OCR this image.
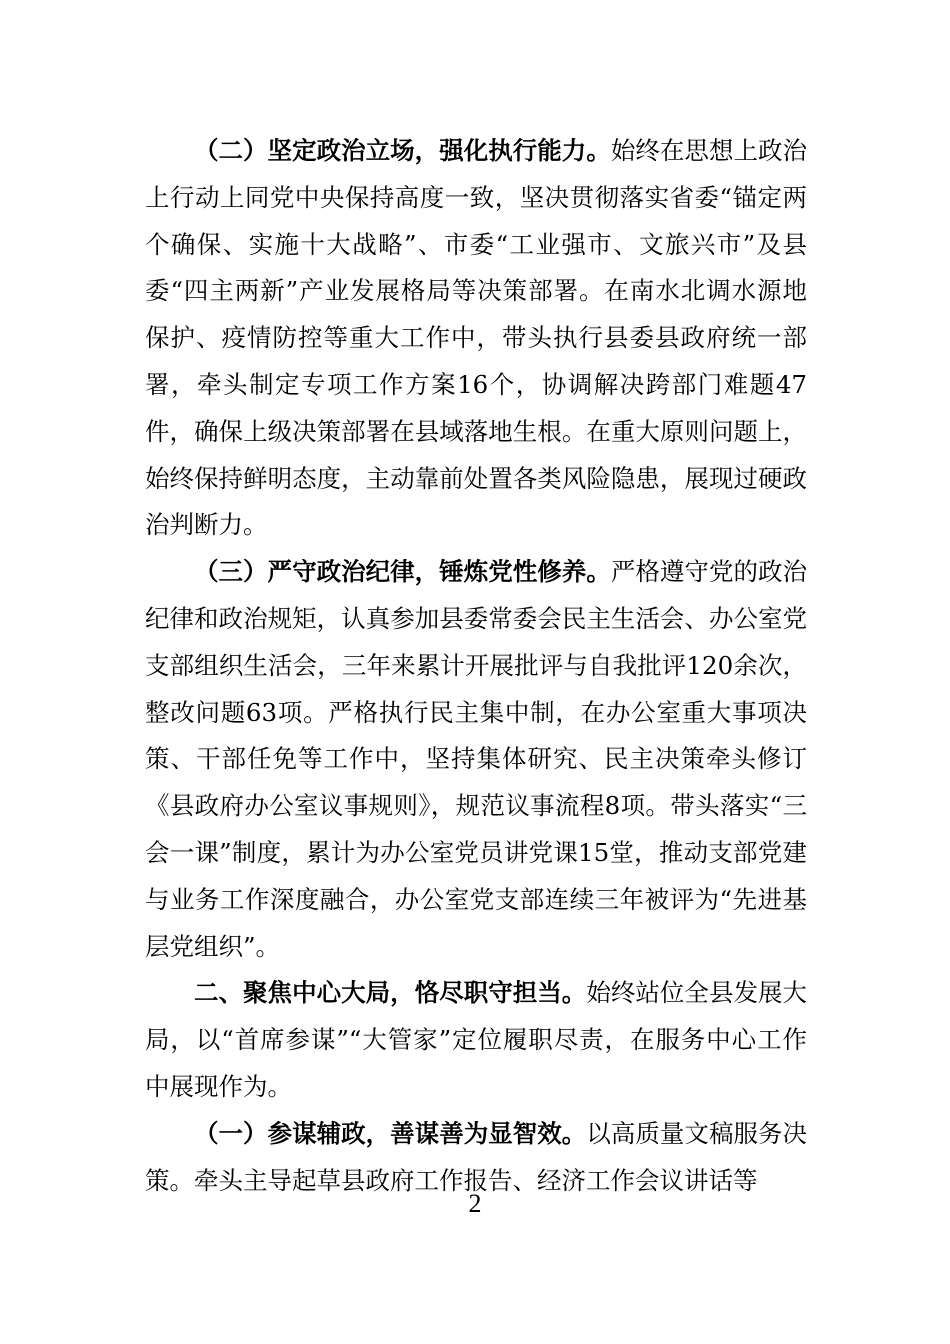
（二）坚定政治立场，强化执行能力。始终在思想上政治上行动上同党中央保持高度一致，坚决贯彻落实省委“锚定两个确保、实施十大战略”、市委“工业强市、文旅兴市”及县委“四主两新”产业发展格局等决策部署。在南水北调水源地保护、疫情防控等重大工作中，带头执行县委县政府统一部署，牵头制定专项工作方案16个，协调解决跨部门难题47件，确保上级决策部署在县域落地生根。在重大原则问题上，始终保持鲜明态度，主动靠前处置各类风险隐患，展现过硬政治判断力。

（三）严守政治纪律，锤炼党性修养。严格遵守党的政治纪律和政治规矩，认真参加县委常委会民主生活会、办公室党支部组织生活会，三年来累计开展批评与自我批评120余次，整改问题63项。严格执行民主集中制，在办公室重大事项决策、干部任免等工作中，坚持集体研究、民主决策牵头修订《县政府办公室议事规则》，规范议事流程8项。带头落实“三会一课”制度，累计为办公室党员讲党课15堂，推动支部党建与业务工作深度融合，办公室党支部连续三年被评为“先进基层党组织”。

二、聚焦中心大局，恪尽职守担当。始终站位全县发展大局，以“首席参谋”“大管家”定位履职尽责，在服务中心工作中展现作为。

（一）参谋辅政，善谋善为显智效。以高质量文稿服务决策。牵头主导起草县政府工作报告、经济工作会议讲话等

2
